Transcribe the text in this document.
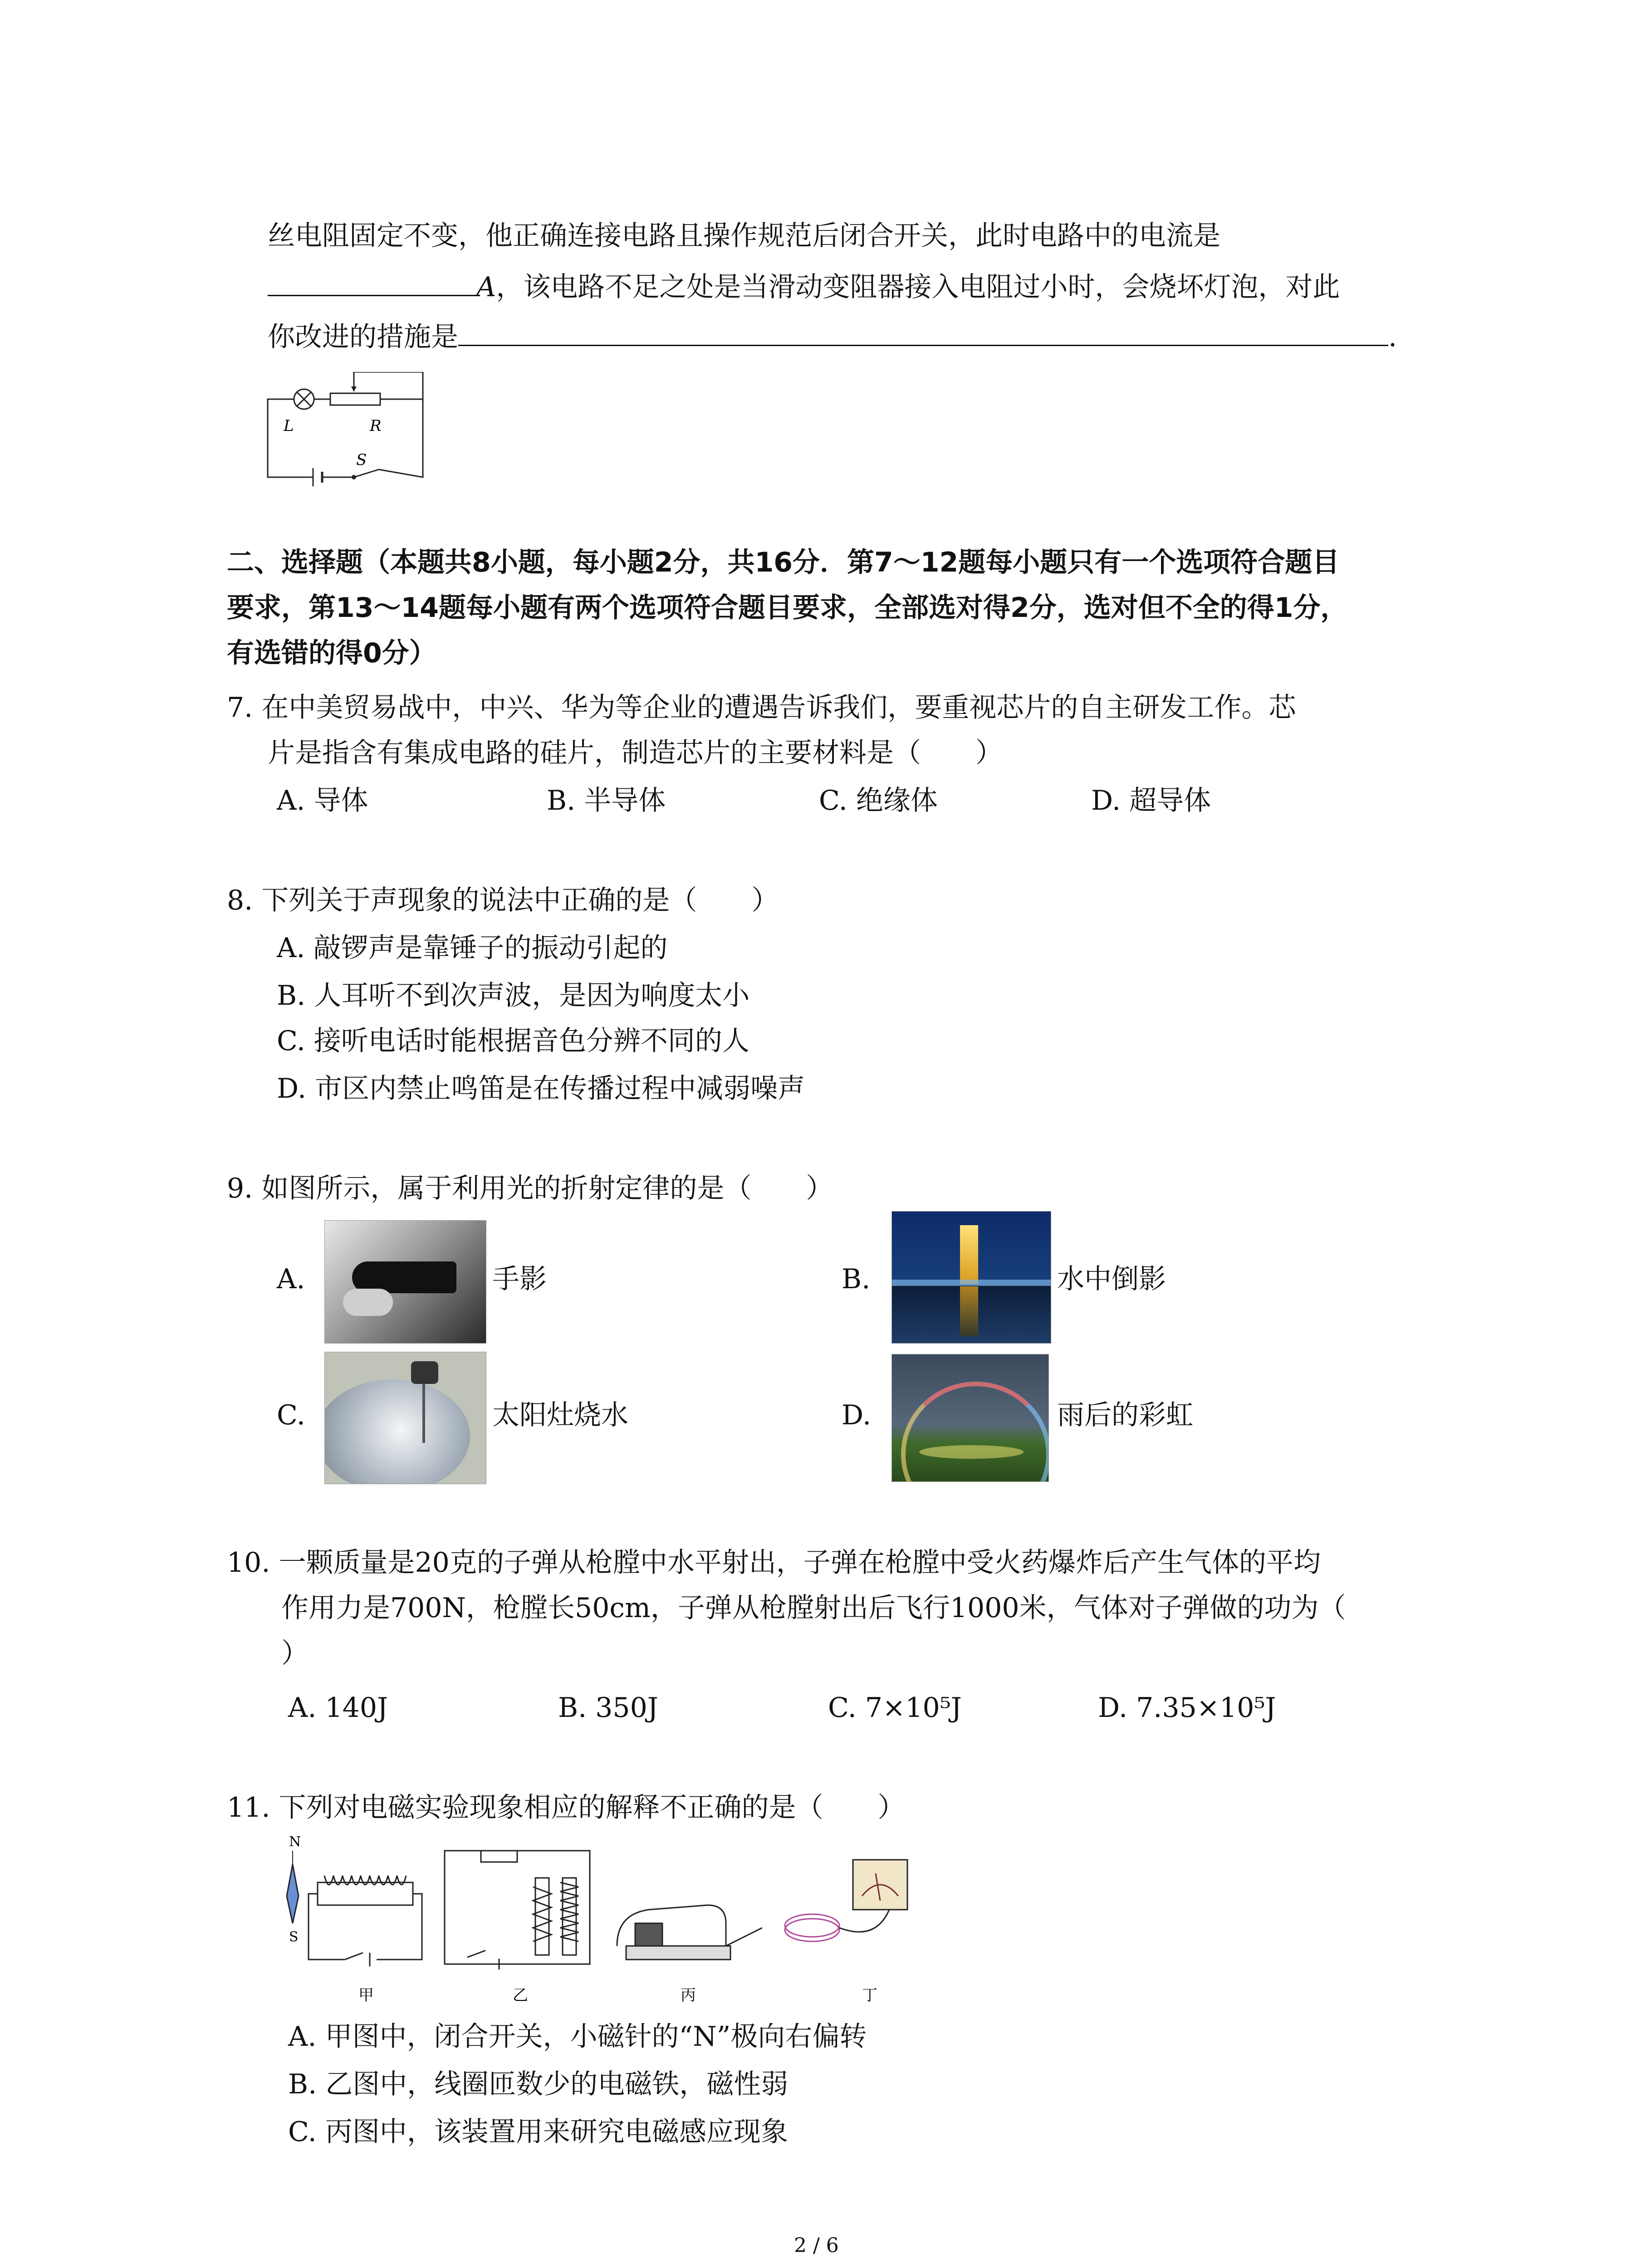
丝电阻固定不变，他正确连接电路且操作规范后闭合开关，此时电路中的电流是
A，该电路不足之处是当滑动变阻器接入电阻过小时，会烧坏灯泡，对此
你改进的措施是	.
L	R
S
二、选择题（本题共8小题，每小题2分，共16分．第7～12题每小题只有一个选项符合题目
要求，第13～14题每小题有两个选项符合题目要求，全部选对得2分，选对但不全的得1分，
有选错的得0分）
7. 在中美贸易战中，中兴、华为等企业的遭遇告诉我们，要重视芯片的自主研发工作。芯
片是指含有集成电路的硅片，制造芯片的主要材料是（　　）
A. 导体	B. 半导体	C. 绝缘体	D. 超导体
8. 下列关于声现象的说法中正确的是（　　）
A. 敲锣声是靠锤子的振动引起的
B. 人耳听不到次声波，是因为响度太小
C. 接听电话时能根据音色分辨不同的人
D. 市区内禁止鸣笛是在传播过程中减弱噪声
9. 如图所示，属于利用光的折射定律的是（　　）
A.	手影	B.	水中倒影
C.	太阳灶烧水	D.	雨后的彩虹
10. 一颗质量是20克的子弹从枪膛中水平射出，子弹在枪膛中受火药爆炸后产生气体的平均
作用力是700N，枪膛长50cm，子弹从枪膛射出后飞行1000米，气体对子弹做的功为（
）
A. 140J	B. 350J	C. 7×10⁵J	D. 7.35×10⁵J
11. 下列对电磁实验现象相应的解释不正确的是（　　）
N
S
甲	乙	丙	丁
A. 甲图中，闭合开关，小磁针的“N”极向右偏转
B. 乙图中，线圈匝数少的电磁铁，磁性弱
C. 丙图中，该装置用来研究电磁感应现象
2 / 6
